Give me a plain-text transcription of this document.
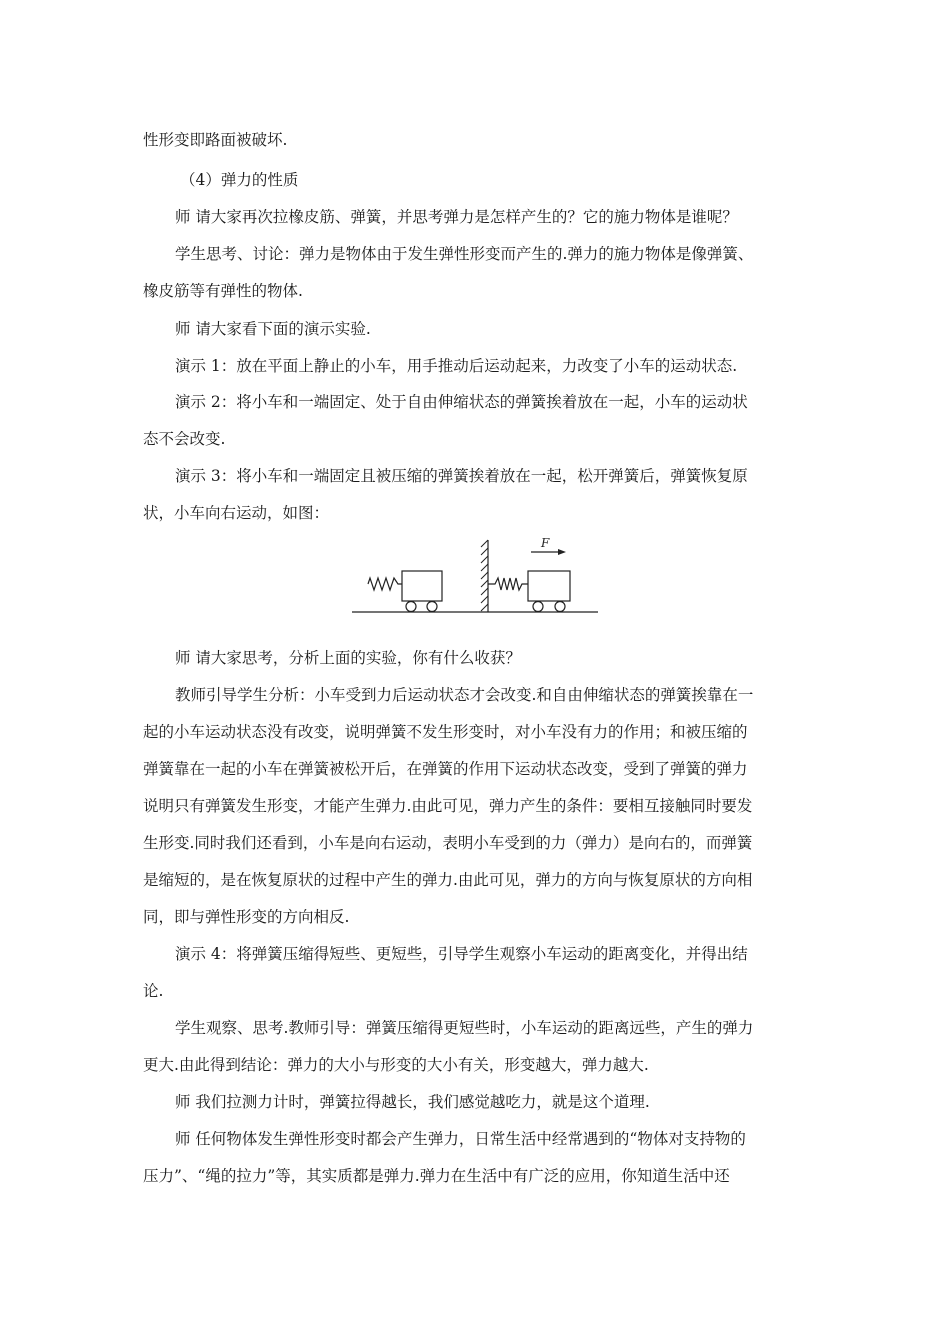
性形变即路面被破坏.
（4）弹力的性质
师 请大家再次拉橡皮筋、弹簧，并思考弹力是怎样产生的？它的施力物体是谁呢？
学生思考、讨论：弹力是物体由于发生弹性形变而产生的.弹力的施力物体是像弹簧、
橡皮筋等有弹性的物体.
师 请大家看下面的演示实验.
演示 1：放在平面上静止的小车，用手推动后运动起来，力改变了小车的运动状态.
演示 2：将小车和一端固定、处于自由伸缩状态的弹簧挨着放在一起，小车的运动状
态不会改变.
演示 3：将小车和一端固定且被压缩的弹簧挨着放在一起，松开弹簧后，弹簧恢复原
状，小车向右运动，如图：
F
师 请大家思考，分析上面的实验，你有什么收获？
教师引导学生分析：小车受到力后运动状态才会改变.和自由伸缩状态的弹簧挨靠在一
起的小车运动状态没有改变，说明弹簧不发生形变时，对小车没有力的作用；和被压缩的
弹簧靠在一起的小车在弹簧被松开后，在弹簧的作用下运动状态改变，受到了弹簧的弹力
说明只有弹簧发生形变，才能产生弹力.由此可见，弹力产生的条件：要相互接触同时要发
生形变.同时我们还看到，小车是向右运动，表明小车受到的力（弹力）是向右的，而弹簧
是缩短的，是在恢复原状的过程中产生的弹力.由此可见，弹力的方向与恢复原状的方向相
同，即与弹性形变的方向相反.
演示 4：将弹簧压缩得短些、更短些，引导学生观察小车运动的距离变化，并得出结
论.
学生观察、思考.教师引导：弹簧压缩得更短些时，小车运动的距离远些，产生的弹力
更大.由此得到结论：弹力的大小与形变的大小有关，形变越大，弹力越大.
师 我们拉测力计时，弹簧拉得越长，我们感觉越吃力，就是这个道理.
师 任何物体发生弹性形变时都会产生弹力，日常生活中经常遇到的“物体对支持物的
压力”、“绳的拉力”等，其实质都是弹力.弹力在生活中有广泛的应用，你知道生活中还
